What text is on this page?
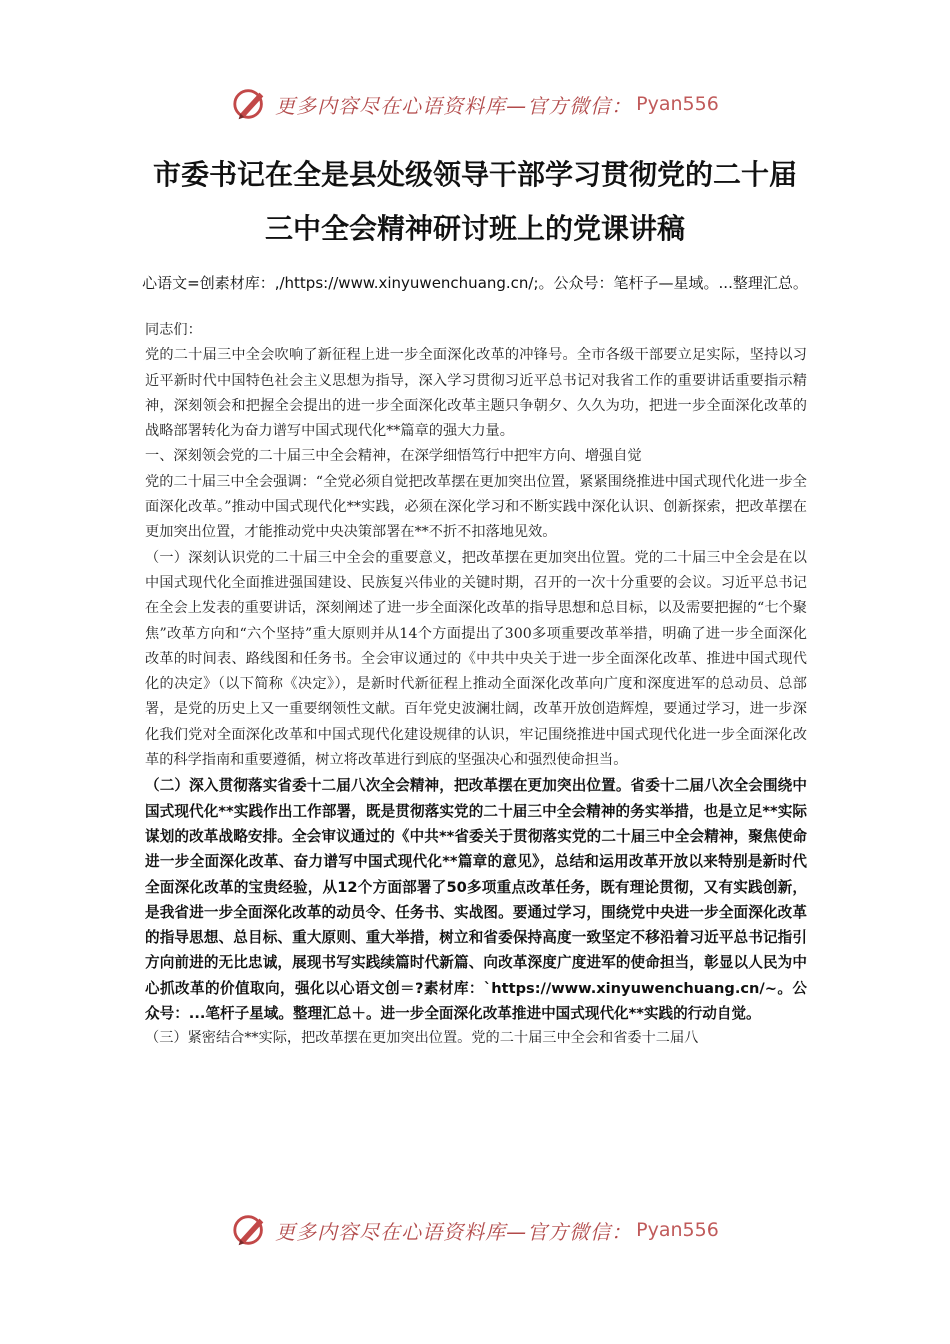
更多内容尽在心语资料库—官方微信： Pyan556
市委书记在全是县处级领导干部学习贯彻党的二十届
三中全会精神研讨班上的党课讲稿
心语文=创素材库：,/https://www.xinyuwenchuang.cn/;。公众号：笔杆子—星域。...整理汇总。

同志们：

党的二十届三中全会吹响了新征程上进一步全面深化改革的冲锋号。全市各级干部要立足实际，坚持以习近平新时代中国特色社会主义思想为指导，深入学习贯彻习近平总书记对我省工作的重要讲话重要指示精神，深刻领会和把握全会提出的进一步全面深化改革主题只争朝夕、久久为功，把进一步全面深化改革的战略部署转化为奋力谱写中国式现代化**篇章的强大力量。

一、深刻领会党的二十届三中全会精神，在深学细悟笃行中把牢方向、增强自觉

党的二十届三中全会强调：“全党必须自觉把改革摆在更加突出位置，紧紧围绕推进中国式现代化进一步全面深化改革。”推动中国式现代化**实践，必须在深化学习和不断实践中深化认识、创新探索，把改革摆在更加突出位置，才能推动党中央决策部署在**不折不扣落地见效。

（一）深刻认识党的二十届三中全会的重要意义，把改革摆在更加突出位置。党的二十届三中全会是在以中国式现代化全面推进强国建设、民族复兴伟业的关键时期，召开的一次十分重要的会议。习近平总书记在全会上发表的重要讲话，深刻阐述了进一步全面深化改革的指导思想和总目标，以及需要把握的“七个聚焦”改革方向和“六个坚持”重大原则并从14个方面提出了300多项重要改革举措，明确了进一步全面深化改革的时间表、路线图和任务书。全会审议通过的《中共中央关于进一步全面深化改革、推进中国式现代化的决定》（以下简称《决定》），是新时代新征程上推动全面深化改革向广度和深度进军的总动员、总部署，是党的历史上又一重要纲领性文献。百年党史波澜壮阔，改革开放创造辉煌，要通过学习，进一步深化我们党对全面深化改革和中国式现代化建设规律的认识，牢记围绕推进中国式现代化进一步全面深化改革的科学指南和重要遵循，树立将改革进行到底的坚强决心和强烈使命担当。

（二）深入贯彻落实省委十二届八次全会精神，把改革摆在更加突出位置。省委十二届八次全会围绕中国式现代化**实践作出工作部署，既是贯彻落实党的二十届三中全会精神的务实举措，也是立足**实际谋划的改革战略安排。全会审议通过的《中共**省委关于贯彻落实党的二十届三中全会精神，聚焦使命进一步全面深化改革、奋力谱写中国式现代化**篇章的意见》，总结和运用改革开放以来特别是新时代全面深化改革的宝贵经验，从12个方面部署了50多项重点改革任务，既有理论贯彻，又有实践创新，是我省进一步全面深化改革的动员令、任务书、实战图。要通过学习，围绕党中央进一步全面深化改革的指导思想、总目标、重大原则、重大举措，树立和省委保持高度一致坚定不移沿着习近平总书记指引方向前进的无比忠诚，展现书写实践续篇时代新篇、向改革深度广度进军的使命担当，彰显以人民为中心抓改革的价值取向，强化以心语文创＝?素材库：`https://www.xinyuwenchuang.cn/~。公众号：...笔杆子星域。整理汇总＋。进一步全面深化改革推进中国式现代化**实践的行动自觉。

（三）紧密结合**实际，把改革摆在更加突出位置。党的二十届三中全会和省委十二届八

更多内容尽在心语资料库—官方微信： Pyan556
